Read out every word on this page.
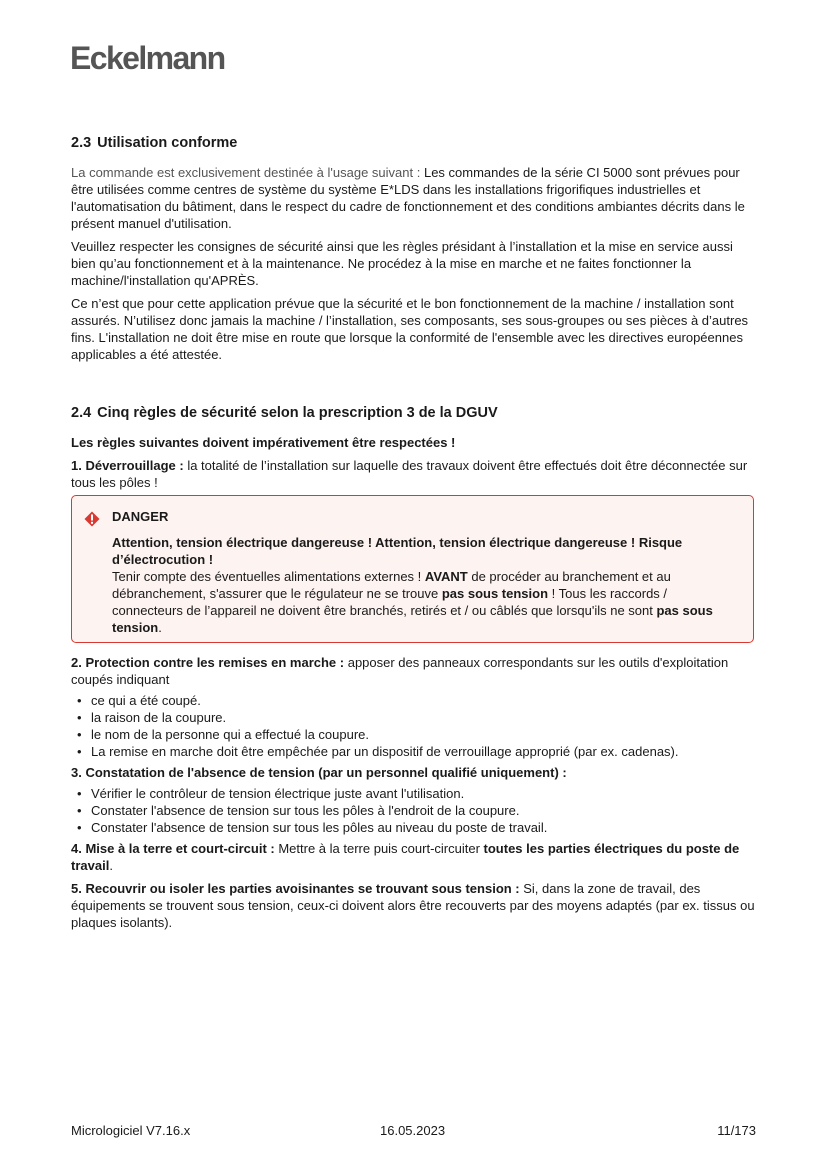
Eckelmann
2.3 Utilisation conforme

La commande est exclusivement destinée à l'usage suivant : Les commandes de la série CI 5000 sont prévues pour être utilisées comme centres de système du système E*LDS dans les installations frigorifiques industrielles et l'automatisation du bâtiment, dans le respect du cadre de fonctionnement et des conditions ambiantes décrits dans le présent manuel d'utilisation.

Veuillez respecter les consignes de sécurité ainsi que les règles présidant à l’installation et la mise en service aussi bien qu’au fonctionnement et à la maintenance. Ne procédez à la mise en marche et ne faites fonctionner la machine/l'installation qu'APRÈS.

Ce n’est que pour cette application prévue que la sécurité et le bon fonctionnement de la machine / installation sont assurés. N’utilisez donc jamais la machine / l’installation, ses composants, ses sous-groupes ou ses pièces à d’autres fins. L'installation ne doit être mise en route que lorsque la conformité de l'ensemble avec les directives européennes applicables a été attestée.

2.4 Cinq règles de sécurité selon la prescription 3 de la DGUV

Les règles suivantes doivent impérativement être respectées !

1. Déverrouillage : la totalité de l’installation sur laquelle des travaux doivent être effectués doit être déconnectée sur tous les pôles !

DANGER

Attention, tension électrique dangereuse ! Attention, tension électrique dangereuse ! Risque d’électrocution !

Tenir compte des éventuelles alimentations externes ! AVANT de procéder au branchement et au débranchement, s'assurer que le régulateur ne se trouve pas sous tension ! Tous les raccords / connecteurs de l’appareil ne doivent être branchés, retirés et / ou câblés que lorsqu'ils ne sont pas sous tension.

2. Protection contre les remises en marche : apposer des panneaux correspondants sur les outils d'exploitation coupés indiquant

• ce qui a été coupé.
• la raison de la coupure.
• le nom de la personne qui a effectué la coupure.
• La remise en marche doit être empêchée par un dispositif de verrouillage approprié (par ex. cadenas).

3. Constatation de l'absence de tension (par un personnel qualifié uniquement) :

• Vérifier le contrôleur de tension électrique juste avant l'utilisation.
• Constater l'absence de tension sur tous les pôles à l'endroit de la coupure.
• Constater l'absence de tension sur tous les pôles au niveau du poste de travail.

4. Mise à la terre et court-circuit : Mettre à la terre puis court-circuiter toutes les parties électriques du poste de travail.

5. Recouvrir ou isoler les parties avoisinantes se trouvant sous tension : Si, dans la zone de travail, des équipements se trouvent sous tension, ceux-ci doivent alors être recouverts par des moyens adaptés (par ex. tissus ou plaques isolants).

Micrologiciel V7.16.x	16.05.2023	11/173
